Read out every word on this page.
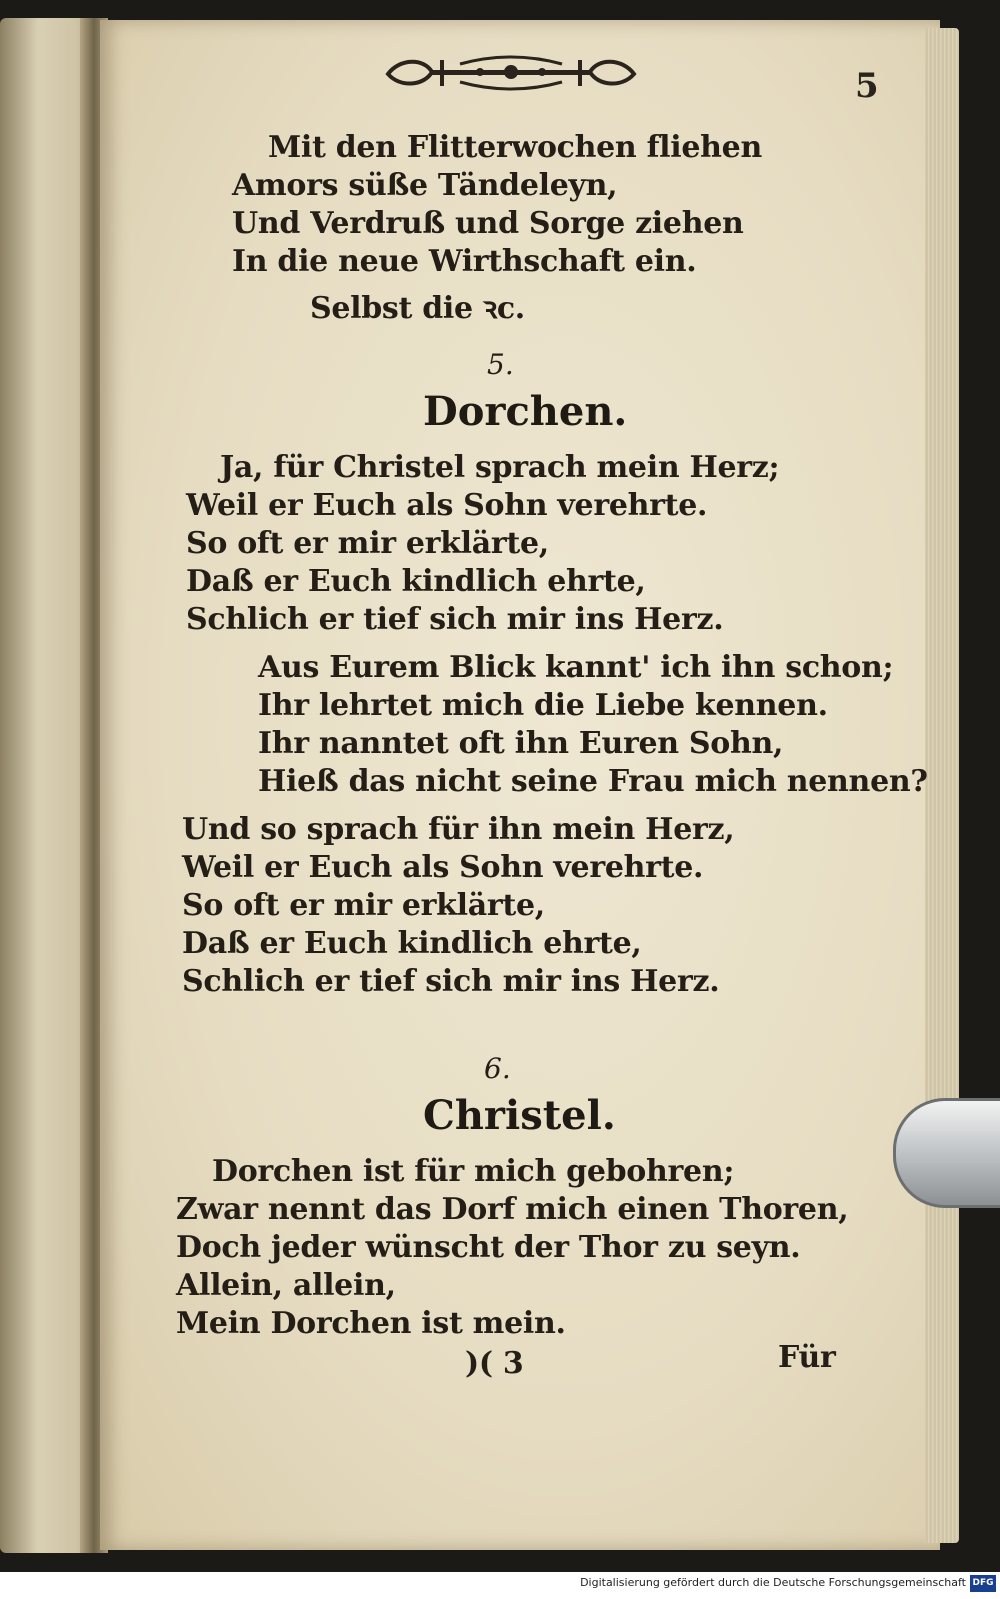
5
Mit den Flitterwochen fliehen
Amors süße Tändeleyn,
Und Verdruß und Sorge ziehen
In die neue Wirthschaft ein.
Selbst die ꝛc.
5.
Dorchen.
Ja, für Christel sprach mein Herz;
Weil er Euch als Sohn verehrte.
So oft er mir erklärte,
Daß er Euch kindlich ehrte,
Schlich er tief sich mir ins Herz.
Aus Eurem Blick kannt' ich ihn schon;
Ihr lehrtet mich die Liebe kennen.
Ihr nanntet oft ihn Euren Sohn,
Hieß das nicht seine Frau mich nennen?
Und so sprach für ihn mein Herz,
Weil er Euch als Sohn verehrte.
So oft er mir erklärte,
Daß er Euch kindlich ehrte,
Schlich er tief sich mir ins Herz.
6.
Christel.
Dorchen ist für mich gebohren;
Zwar nennt das Dorf mich einen Thoren,
Doch jeder wünscht der Thor zu seyn.
Allein, allein,
Mein Dorchen ist mein.
)( 3	Für
Digitalisierung gefördert durch die Deutsche Forschungsgemeinschaft DFG
